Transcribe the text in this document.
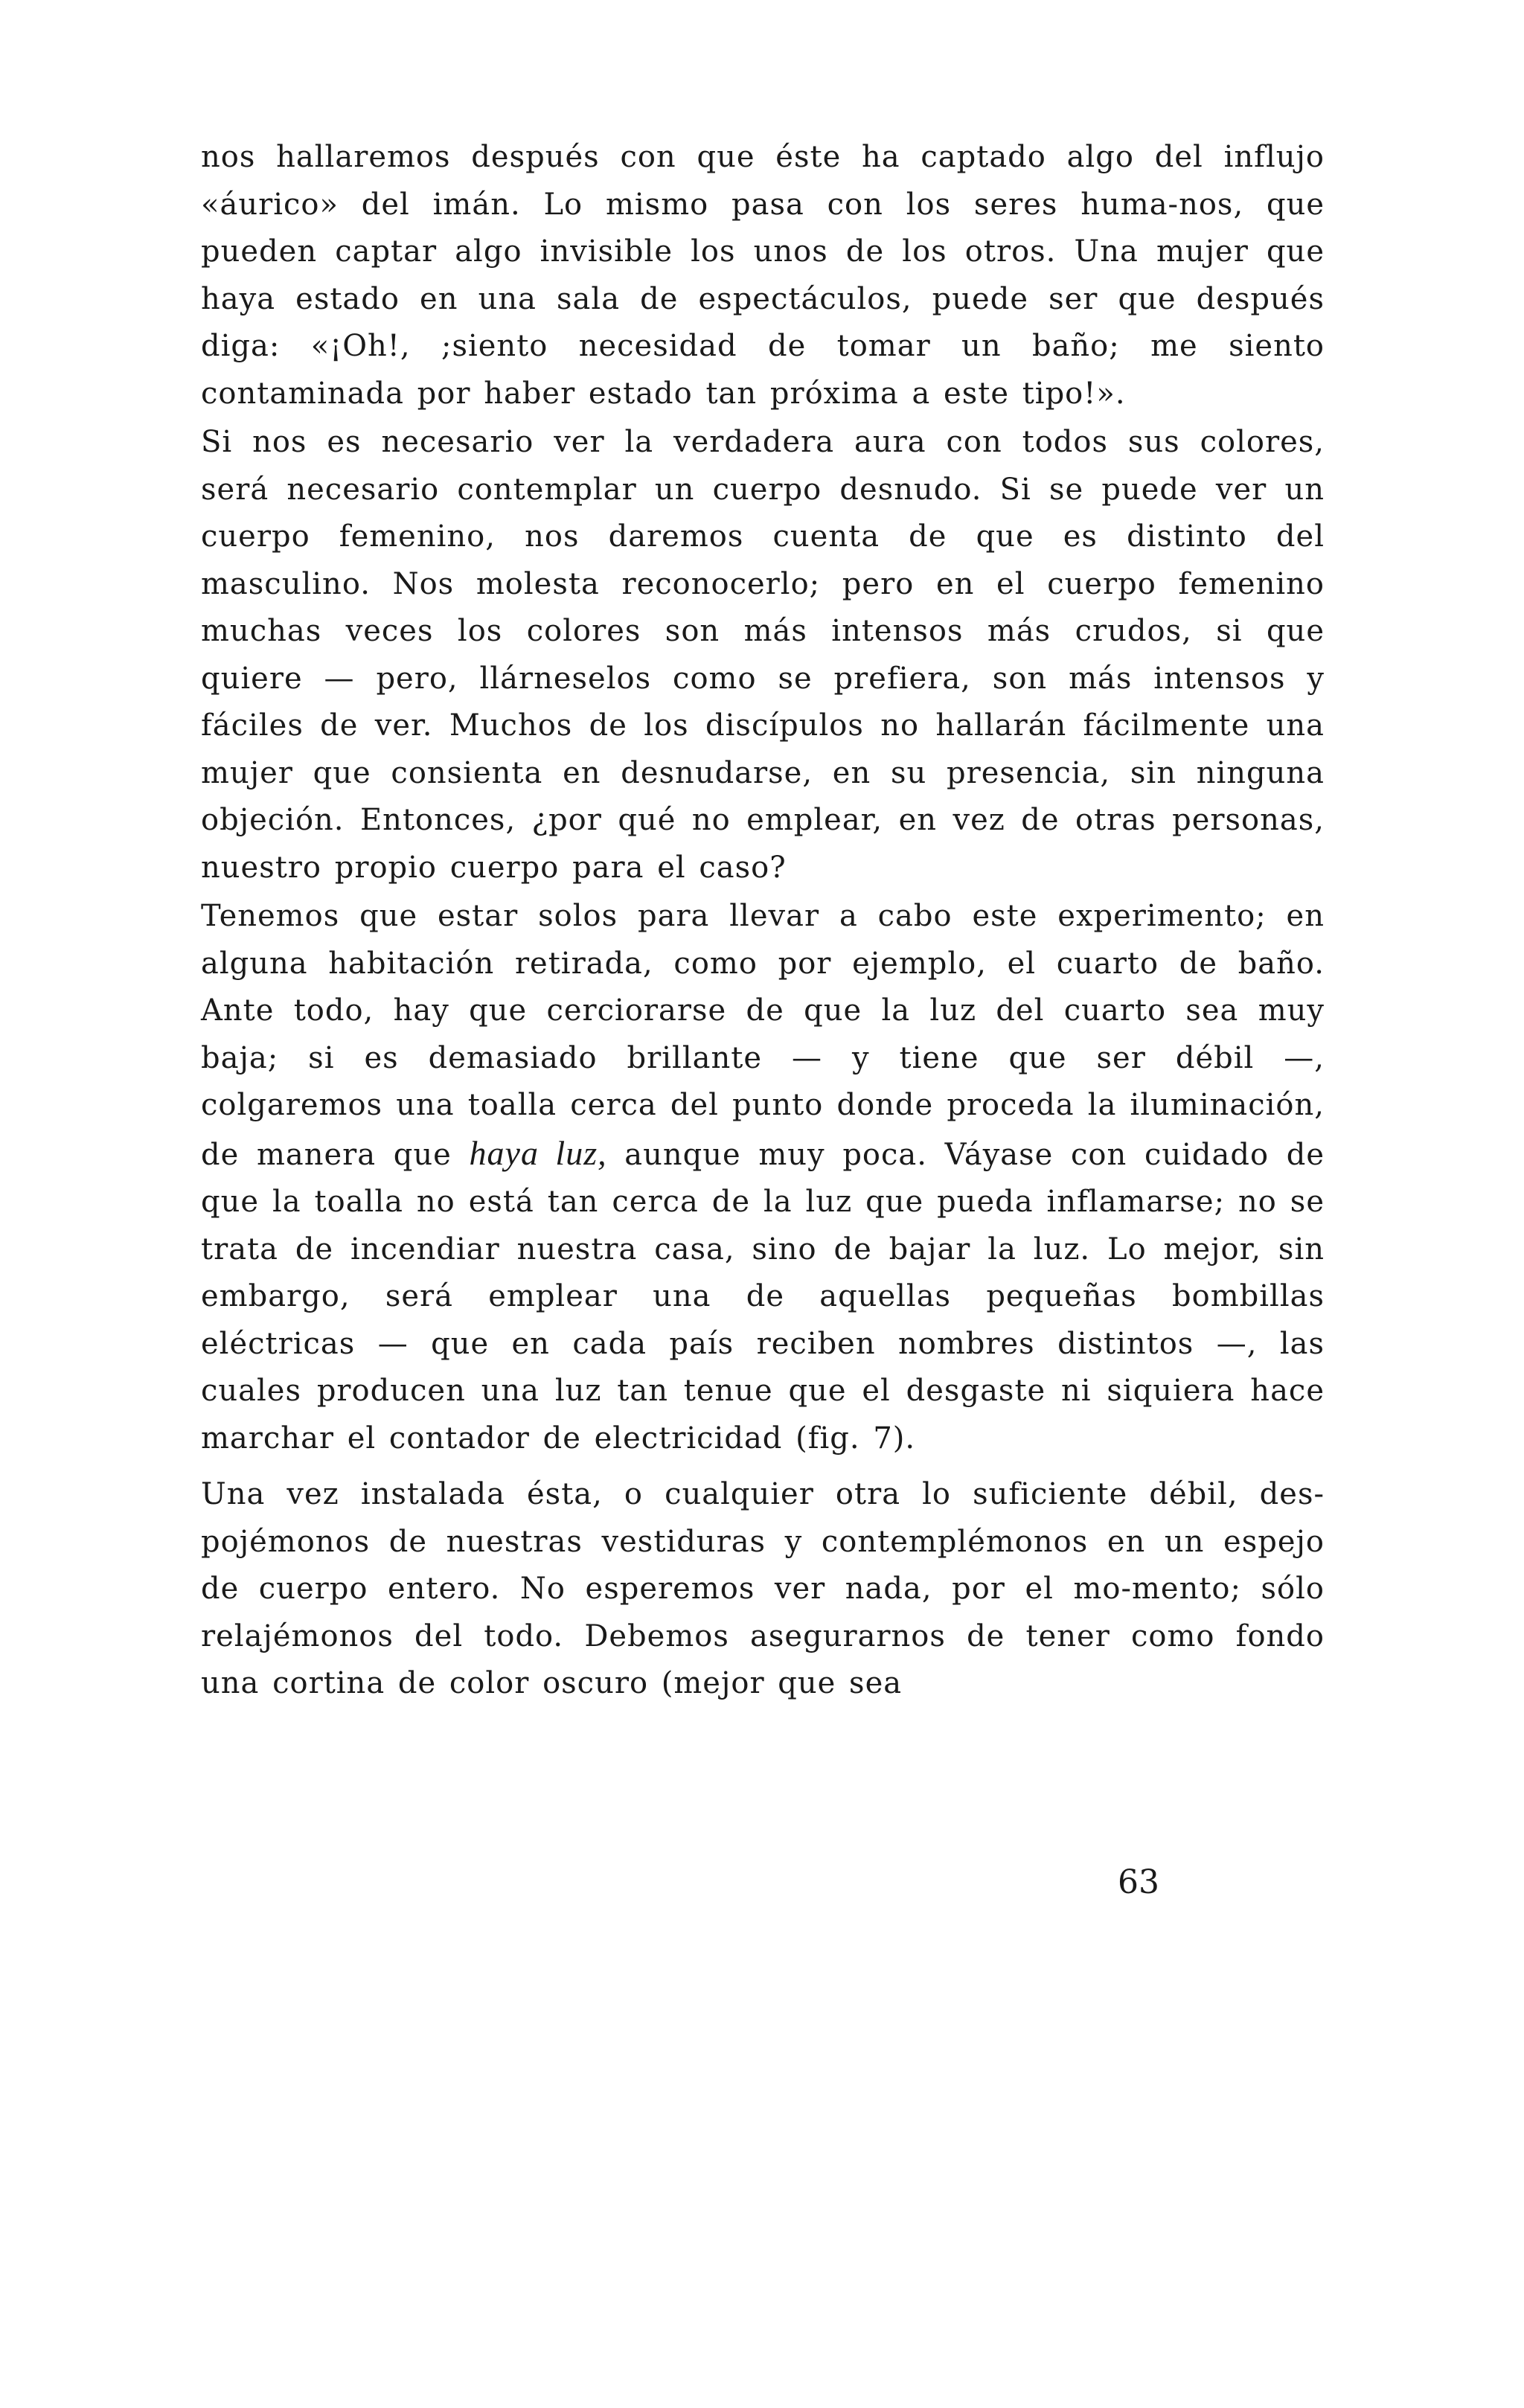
nos hallaremos después con que éste ha captado algo del influjo «áurico» del imán. Lo mismo pasa con los seres huma-nos, que pueden captar algo invisible los unos de los otros. Una mujer que haya estado en una sala de espectáculos, puede ser que después diga: «¡Oh!, ;siento necesidad de tomar un baño; me siento contaminada por haber estado tan próxima a este tipo!».

Si nos es necesario ver la verdadera aura con todos sus colores, será necesario contemplar un cuerpo desnudo. Si se puede ver un cuerpo femenino, nos daremos cuenta de que es distinto del masculino. Nos molesta reconocerlo; pero en el cuerpo femenino muchas veces los colores son más intensos más crudos, si que quiere — pero, llárneselos como se prefiera, son más intensos y fáciles de ver. Muchos de los discípulos no hallarán fácilmente una mujer que consienta en desnudarse, en su presencia, sin ninguna objeción. Entonces, ¿por qué no emplear, en vez de otras personas, nuestro propio cuerpo para el caso?

Tenemos que estar solos para llevar a cabo este experimento; en alguna habitación retirada, como por ejemplo, el cuarto de baño. Ante todo, hay que cerciorarse de que la luz del cuarto sea muy baja; si es demasiado brillante — y tiene que ser débil —, colgaremos una toalla cerca del punto donde proceda la iluminación, de manera que haya luz, aunque muy poca. Váyase con cuidado de que la toalla no está tan cerca de la luz que pueda inflamarse; no se trata de incendiar nuestra casa, sino de bajar la luz. Lo mejor, sin embargo, será emplear una de aquellas pequeñas bombillas eléctricas — que en cada país reciben nombres distintos —, las cuales producen una luz tan tenue que el desgaste ni siquiera hace marchar el contador de electricidad (fig. 7).

Una vez instalada ésta, o cualquier otra lo suficiente débil, des-pojémonos de nuestras vestiduras y contemplémonos en un espejo de cuerpo entero. No esperemos ver nada, por el mo-mento; sólo relajémonos del todo. Debemos asegurarnos de tener como fondo una cortina de color oscuro (mejor que sea

63
